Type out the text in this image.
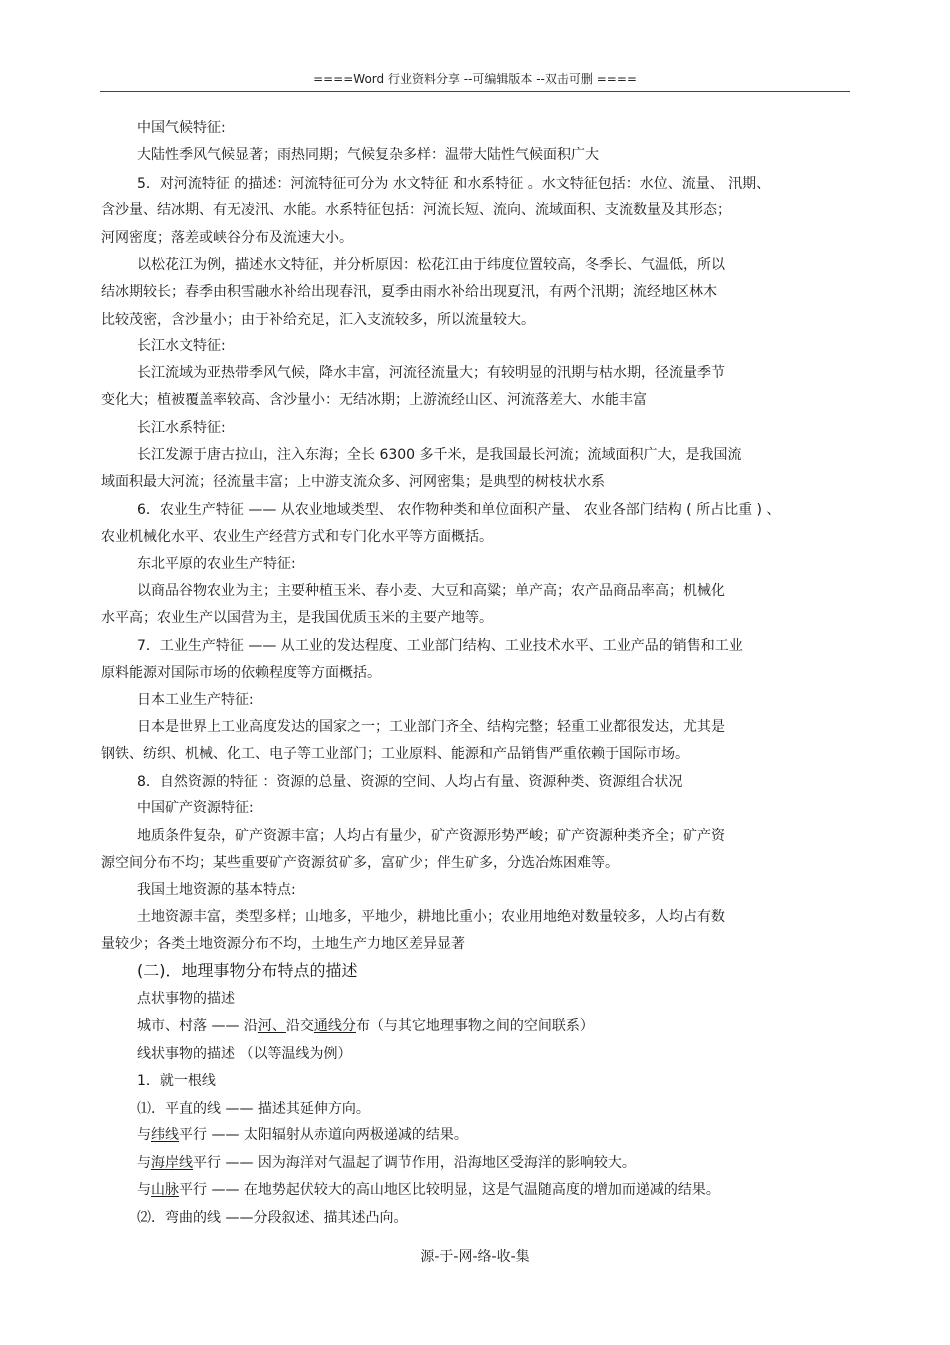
====Word 行业资料分享 --可编辑版本 --双击可删 ====
中国气候特征:
大陆性季风气候显著；雨热同期；气候复杂多样：温带大陆性气候面积广大
5．对河流特征 的描述：河流特征可分为 水文特征 和水系特征 。水文特征包括：水位、流量、 汛期、
含沙量、结冰期、有无凌汛、水能。水系特征包括：河流长短、流向、流域面积、支流数量及其形态；
河网密度；落差或峡谷分布及流速大小。
以松花江为例，描述水文特征，并分析原因：松花江由于纬度位置较高，冬季长、气温低，所以
结冰期较长；春季由积雪融水补给出现春汛，夏季由雨水补给出现夏汛，有两个汛期；流经地区林木
比较茂密，含沙量小；由于补给充足，汇入支流较多，所以流量较大。
长江水文特征:
长江流域为亚热带季风气候，降水丰富，河流径流量大；有较明显的汛期与枯水期，径流量季节
变化大；植被覆盖率较高、含沙量小：无结冰期；上游流经山区、河流落差大、水能丰富
长江水系特征:
长江发源于唐古拉山，注入东海；全长 6300 多千米，是我国最长河流；流域面积广大，是我国流
域面积最大河流；径流量丰富；上中游支流众多、河网密集；是典型的树枝状水系
6．农业生产特征 —— 从农业地域类型、 农作物种类和单位面积产量、 农业各部门结构 ( 所占比重 ) 、
农业机械化水平、农业生产经营方式和专门化水平等方面概括。
东北平原的农业生产特征:
以商品谷物农业为主；主要种植玉米、春小麦、大豆和高粱；单产高；农产品商品率高；机械化
水平高；农业生产以国营为主，是我国优质玉米的主要产地等。
7．工业生产特征 —— 从工业的发达程度、工业部门结构、工业技术水平、工业产品的销售和工业
原料能源对国际市场的依赖程度等方面概括。
日本工业生产特征:
日本是世界上工业高度发达的国家之一；工业部门齐全、结构完整；轻重工业都很发达，尤其是
钢铁、纺织、机械、化工、电子等工业部门；工业原料、能源和产品销售严重依赖于国际市场。
8．自然资源的特征 ：资源的总量、资源的空间、人均占有量、资源种类、资源组合状况
中国矿产资源特征:
地质条件复杂，矿产资源丰富；人均占有量少，矿产资源形势严峻；矿产资源种类齐全；矿产资
源空间分布不均；某些重要矿产资源贫矿多，富矿少；伴生矿多，分选冶炼困难等。
我国土地资源的基本特点:
土地资源丰富，类型多样；山地多，平地少，耕地比重小；农业用地绝对数量较多，人均占有数
量较少；各类土地资源分布不均，土地生产力地区差异显著
(二)．地理事物分布特点的描述
点状事物的描述
城市、村落 —— 沿河、沿交通线分布（与其它地理事物之间的空间联系）
线状事物的描述 （以等温线为例）
1．就一根线
⑴．平直的线 —— 描述其延伸方向。
与纬线平行 —— 太阳辐射从赤道向两极递减的结果。
与海岸线平行 —— 因为海洋对气温起了调节作用，沿海地区受海洋的影响较大。
与山脉平行 —— 在地势起伏较大的高山地区比较明显，这是气温随高度的增加而递减的结果。
⑵．弯曲的线 ——分段叙述、描其述凸向。
源-于-网-络-收-集
